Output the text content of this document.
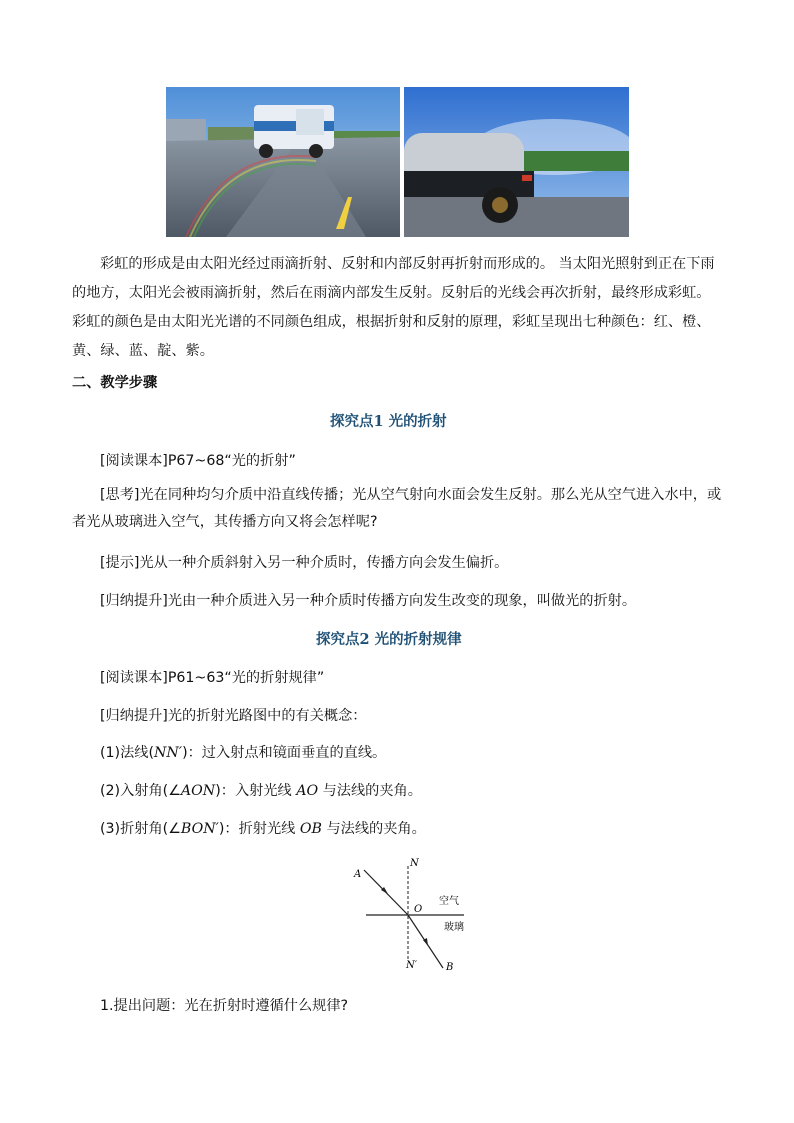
彩虹的形成是由太阳光经过雨滴折射、反射和内部反射再折射而形成的。 当太阳光照射到正在下雨的地方，太阳光会被雨滴折射，然后在雨滴内部发生反射。反射后的光线会再次折射，最终形成彩虹。彩虹的颜色是由太阳光光谱的不同颜色组成，根据折射和反射的原理，彩虹呈现出七种颜色：红、橙、黄、绿、蓝、靛、紫。
二、教学步骤
探究点1 光的折射
[阅读课本]P67~68“光的折射”
[思考]光在同种均匀介质中沿直线传播；光从空气射向水面会发生反射。那么光从空气进入水中，或者光从玻璃进入空气，其传播方向又将会怎样呢?
[提示]光从一种介质斜射入另一种介质时，传播方向会发生偏折。
[归纳提升]光由一种介质进入另一种介质时传播方向发生改变的现象，叫做光的折射。
探究点2 光的折射规律
[阅读课本]P61~63“光的折射规律”
[归纳提升]光的折射光路图中的有关概念：
(1)法线(NN′)：过入射点和镜面垂直的直线。
(2)入射角(∠AON)：入射光线 AO 与法线的夹角。
(3)折射角(∠BON′)：折射光线 OB 与法线的夹角。
N
A
O
空气
玻璃
N′	B
1.提出问题：光在折射时遵循什么规律?
